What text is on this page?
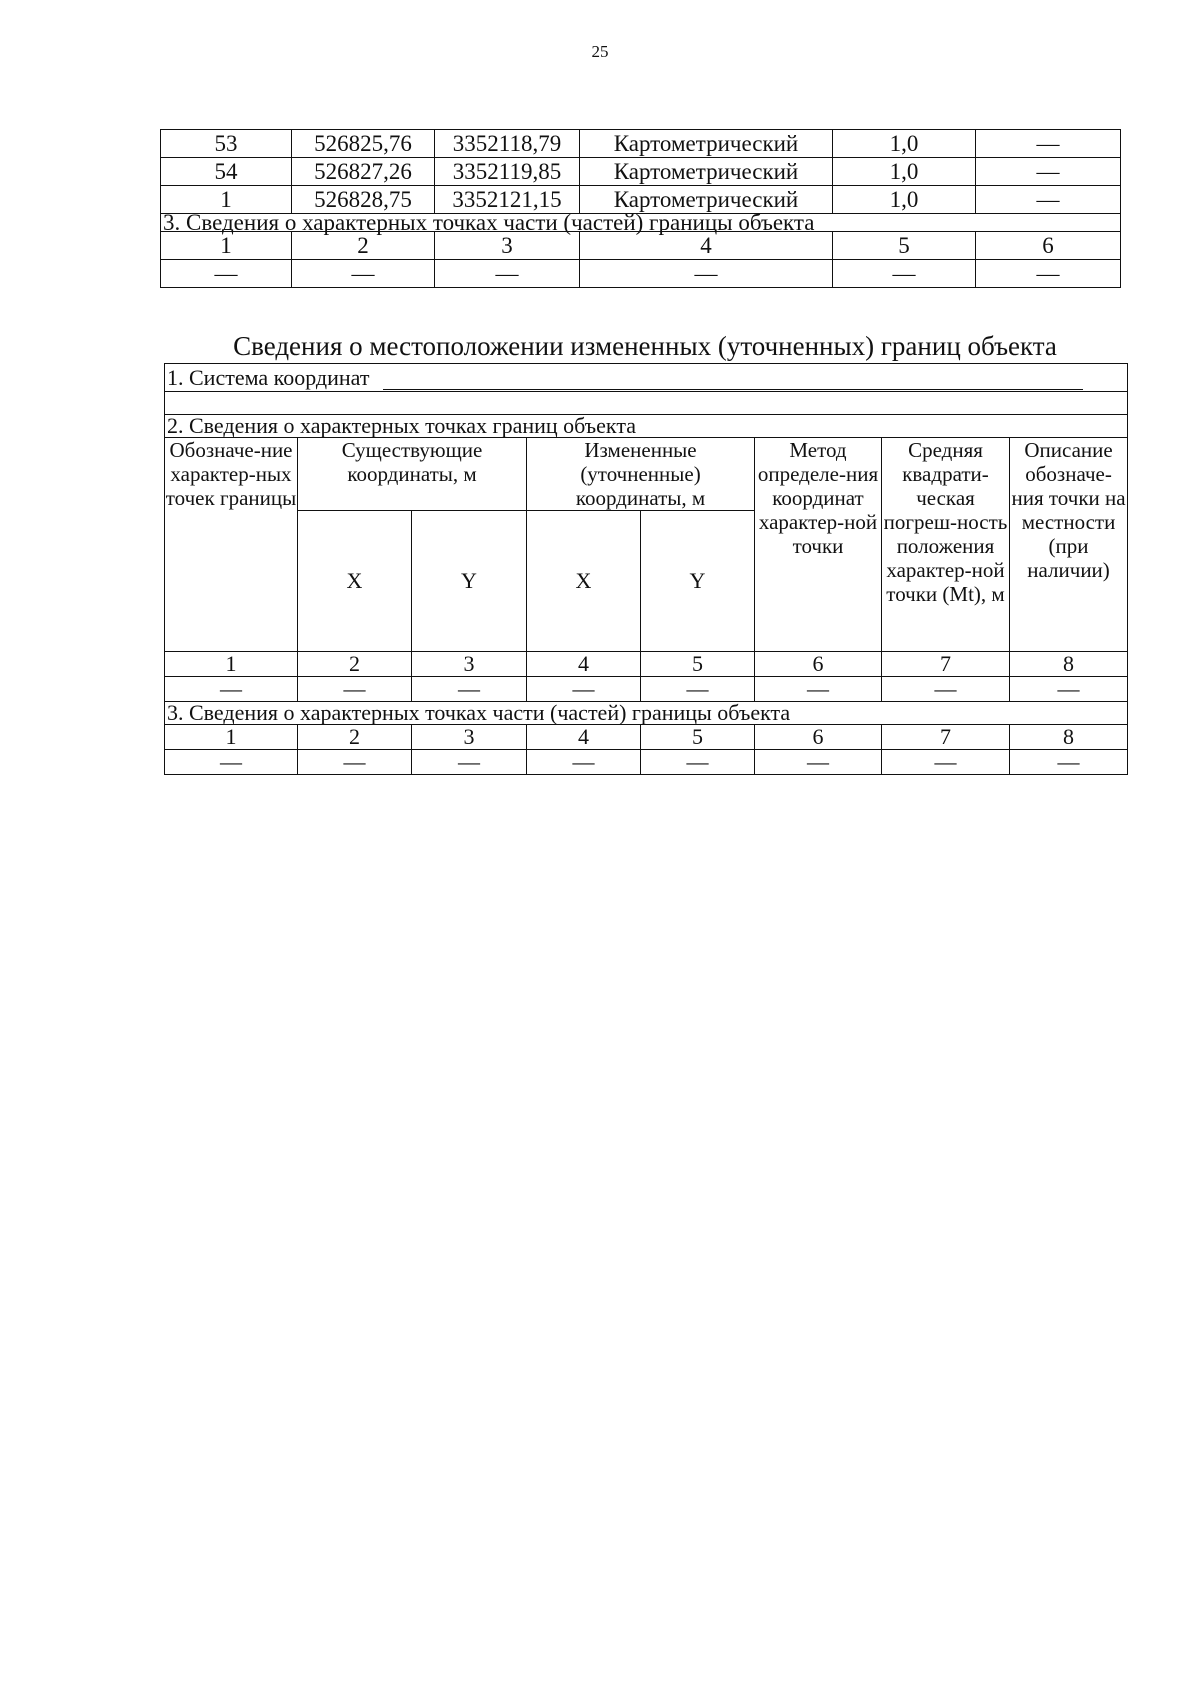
25
53	526825,76	3352118,79	Картометрический	1,0	—
54	526827,26	3352119,85	Картометрический	1,0	—
1	526828,75	3352121,15	Картометрический	1,0	—
3. Сведения о характерных точках части (частей) границы объекта					
1	2	3	4	5	6
—	—	—	—	—	—
Сведения о местоположении измененных (уточненных) границ объекта
1. Система координат							

2. Сведения о характерных точках границ объекта							
Обозначе-ние характер-ных точек границы	Существующие координаты, м		Измененные (уточненные) координаты, м		Метод определе-ния координат характер-ной точки	Средняя квадрати-ческая погреш-ность положения характер-ной точки (Mt), м	Описание обозначе-ния точки на местности (при наличии)
	X	Y	X	Y			
1	2	3	4	5	6	7	8
—	—	—	—	—	—	—	—
3. Сведения о характерных точках части (частей) границы объекта							
1	2	3	4	5	6	7	8
—	—	—	—	—	—	—	—
